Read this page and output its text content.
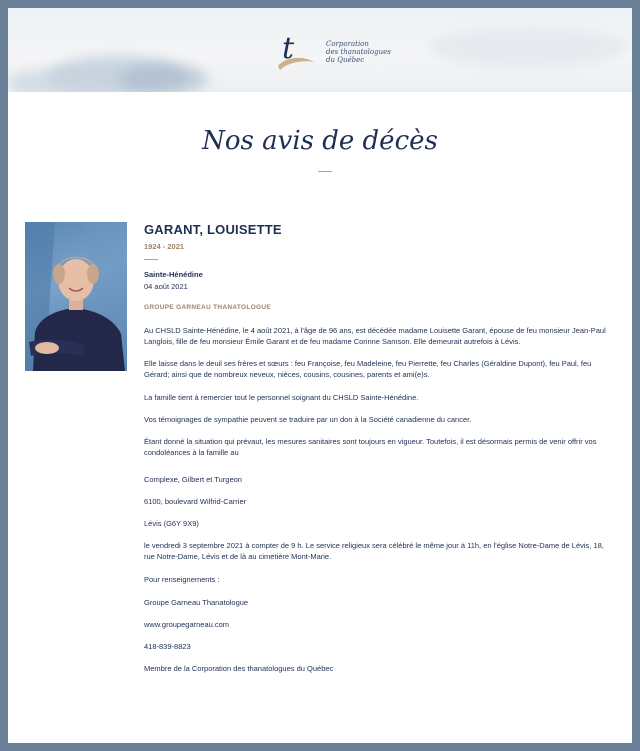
t	Corporation
des thanatologues
du Québec
Nos avis de décès
GARANT, LOUISETTE
1924 - 2021
Sainte-Hénédine
04 août 2021
GROUPE GARNEAU THANATOLOGUE

Au CHSLD Sainte-Hénédine, le 4 août 2021, à l'âge de 96 ans, est décédée madame Louisette Garant, épouse de feu monsieur Jean-Paul Langlois, fille de feu monsieur Émile Garant et de feu madame Corinne Samson. Elle demeurait autrefois à Lévis.

Elle laisse dans le deuil ses frères et sœurs : feu Françoise, feu Madeleine, feu Pierrette, feu Charles (Géraldine Dupont), feu Paul, feu Gérard; ainsi que de nombreux neveux, nièces, cousins, cousines, parents et ami(e)s.

La famille tient à remercier tout le personnel soignant du CHSLD Sainte-Hénédine.

Vos témoignages de sympathie peuvent se traduire par un don à la Société canadienne du cancer.

Étant donné la situation qui prévaut, les mesures sanitaires sont toujours en vigueur. Toutefois, il est désormais permis de venir offrir vos condoléances à la famille au

Complexe, Gilbert et Turgeon

6100, boulevard Wilfrid-Carrier

Lévis (G6Y 9X9)

le vendredi 3 septembre 2021 à compter de 9 h. Le service religieux sera célébré le même jour à 11h, en l'église Notre-Dame de Lévis, 18, rue Notre-Dame, Lévis et de là au cimetière Mont-Marie.

Pour renseignements :

Groupe Garneau Thanatologue

www.groupegarneau.com

418-839-8823

Membre de la Corporation des thanatologues du Québec
